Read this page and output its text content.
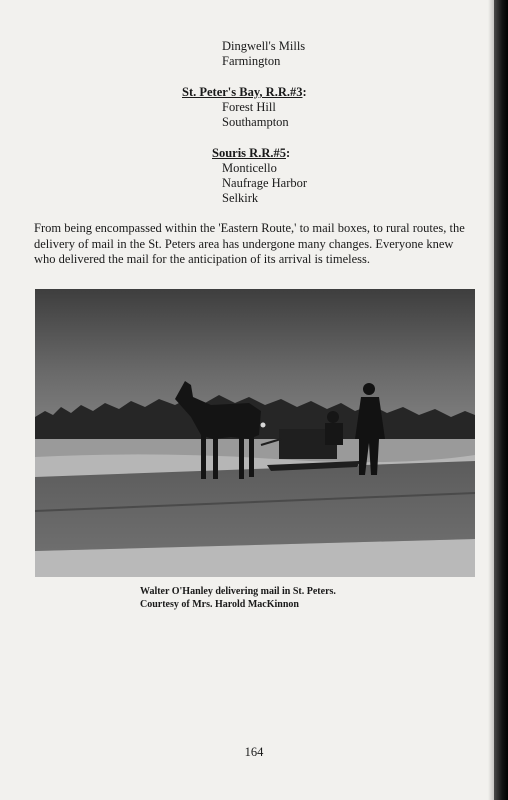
Dingwell's Mills
Farmington
St. Peter's Bay, R.R.#3:
Forest Hill
Southampton
Souris R.R.#5:
Monticello
Naufrage Harbor
Selkirk
From being encompassed within the 'Eastern Route,' to mail boxes, to rural routes, the delivery of mail in the St. Peters area has undergone many changes. Everyone knew who delivered the mail for the anticipation of its arrival is timeless.
Walter O'Hanley delivering mail in St. Peters.
Courtesy of Mrs. Harold MacKinnon
164
